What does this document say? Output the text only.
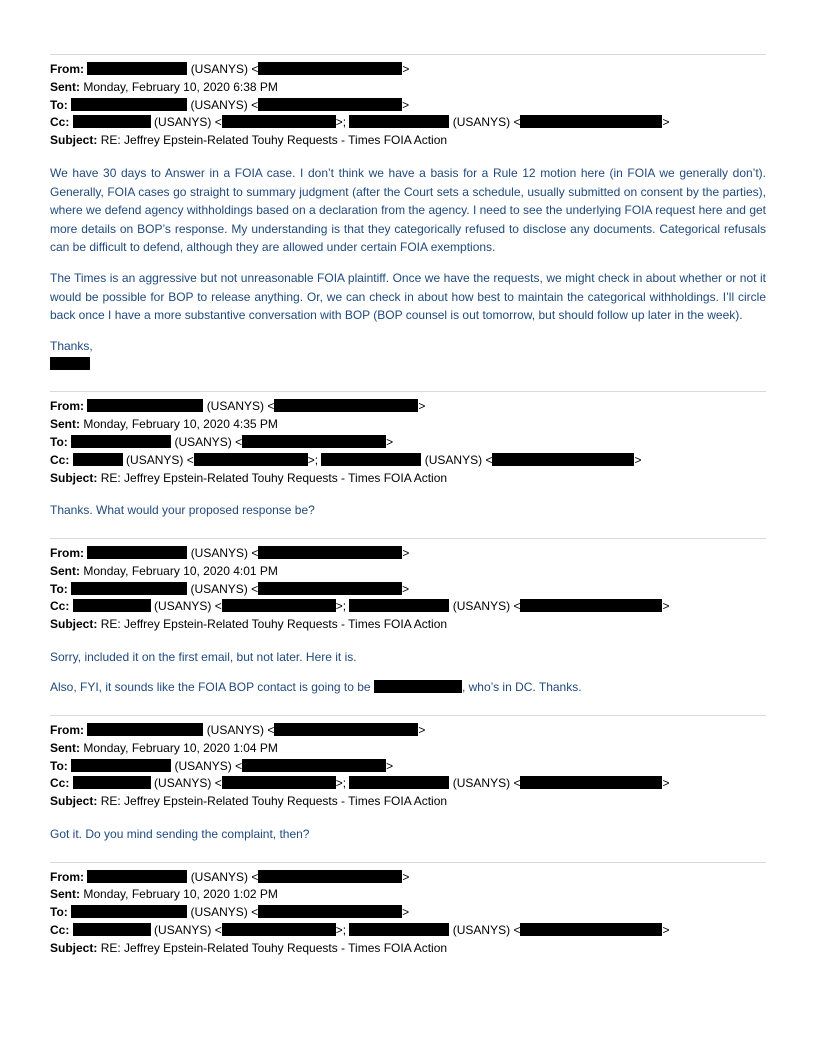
From:	(USANYS) <	>
Sent: Monday, February 10, 2020 6:38 PM
To:	(USANYS) <	>
Cc:	(USANYS) <	>;	(USANYS) <	>
Subject: RE: Jeffrey Epstein-Related Touhy Requests - Times FOIA Action

We have 30 days to Answer in a FOIA case. I don’t think we have a basis for a Rule 12 motion here (in FOIA we generally don’t). Generally, FOIA cases go straight to summary judgment (after the Court sets a schedule, usually submitted on consent by the parties), where we defend agency withholdings based on a declaration from the agency. I need to see the underlying FOIA request here and get more details on BOP’s response. My understanding is that they categorically refused to disclose any documents. Categorical refusals can be difficult to defend, although they are allowed under certain FOIA exemptions.

The Times is an aggressive but not unreasonable FOIA plaintiff. Once we have the requests, we might check in about whether or not it would be possible for BOP to release anything. Or, we can check in about how best to maintain the categorical withholdings. I’ll circle back once I have a more substantive conversation with BOP (BOP counsel is out tomorrow, but should follow up later in the week).

Thanks,

From:	(USANYS) <	>
Sent: Monday, February 10, 2020 4:35 PM
To:	(USANYS) <	>
Cc:	(USANYS) <	>;	(USANYS) <	>
Subject: RE: Jeffrey Epstein-Related Touhy Requests - Times FOIA Action

Thanks. What would your proposed response be?

From:	(USANYS) <	>
Sent: Monday, February 10, 2020 4:01 PM
To:	(USANYS) <	>
Cc:	(USANYS) <	>;	(USANYS) <	>
Subject: RE: Jeffrey Epstein-Related Touhy Requests - Times FOIA Action

Sorry, included it on the first email, but not later. Here it is.

Also, FYI, it sounds like the FOIA BOP contact is going to be	, who’s in DC. Thanks.

From:	(USANYS) <	>
Sent: Monday, February 10, 2020 1:04 PM
To:	(USANYS) <	>
Cc:	(USANYS) <	>;	(USANYS) <	>
Subject: RE: Jeffrey Epstein-Related Touhy Requests - Times FOIA Action

Got it. Do you mind sending the complaint, then?

From:	(USANYS) <	>
Sent: Monday, February 10, 2020 1:02 PM
To:	(USANYS) <	>
Cc:	(USANYS) <	>;	(USANYS) <	>
Subject: RE: Jeffrey Epstein-Related Touhy Requests - Times FOIA Action
